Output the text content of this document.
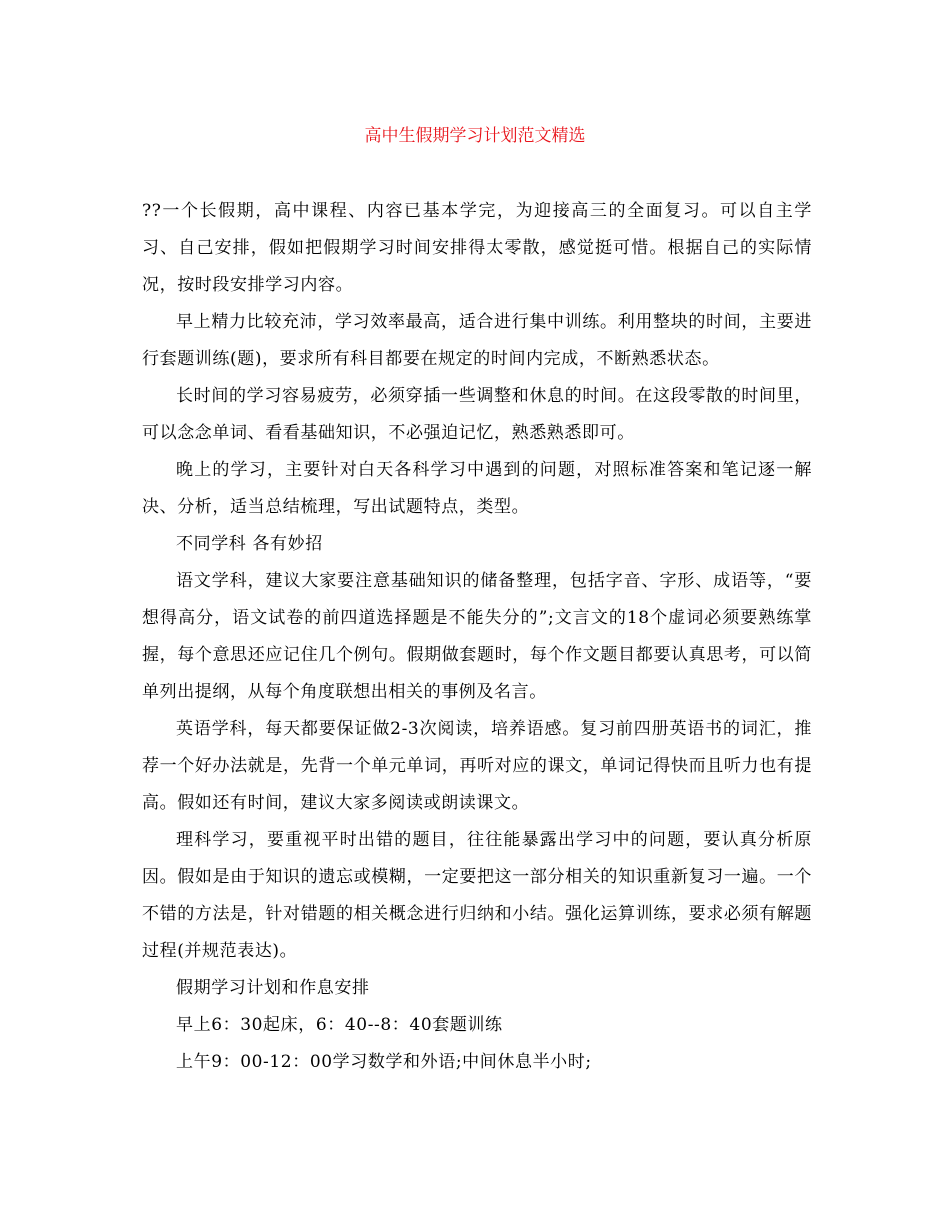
高中生假期学习计划范文精选

??一个长假期，高中课程、内容已基本学完，为迎接高三的全面复习。可以自主学习、自己安排，假如把假期学习时间安排得太零散，感觉挺可惜。根据自己的实际情况，按时段安排学习内容。

早上精力比较充沛，学习效率最高，适合进行集中训练。利用整块的时间，主要进行套题训练(题)，要求所有科目都要在规定的时间内完成，不断熟悉状态。

长时间的学习容易疲劳，必须穿插一些调整和休息的时间。在这段零散的时间里，可以念念单词、看看基础知识，不必强迫记忆，熟悉熟悉即可。

晚上的学习，主要针对白天各科学习中遇到的问题，对照标准答案和笔记逐一解决、分析，适当总结梳理，写出试题特点，类型。

不同学科 各有妙招

语文学科，建议大家要注意基础知识的储备整理，包括字音、字形、成语等，“要想得高分，语文试卷的前四道选择题是不能失分的”;文言文的18个虚词必须要熟练掌握，每个意思还应记住几个例句。假期做套题时，每个作文题目都要认真思考，可以简单列出提纲，从每个角度联想出相关的事例及名言。

英语学科，每天都要保证做2-3次阅读，培养语感。复习前四册英语书的词汇，推荐一个好办法就是，先背一个单元单词，再听对应的课文，单词记得快而且听力也有提高。假如还有时间，建议大家多阅读或朗读课文。

理科学习，要重视平时出错的题目，往往能暴露出学习中的问题，要认真分析原因。假如是由于知识的遗忘或模糊，一定要把这一部分相关的知识重新复习一遍。一个不错的方法是，针对错题的相关概念进行归纳和小结。强化运算训练，要求必须有解题过程(并规范表达)。

假期学习计划和作息安排

早上6：30起床，6：40--8：40套题训练

上午9：00-12：00学习数学和外语;中间休息半小时;
